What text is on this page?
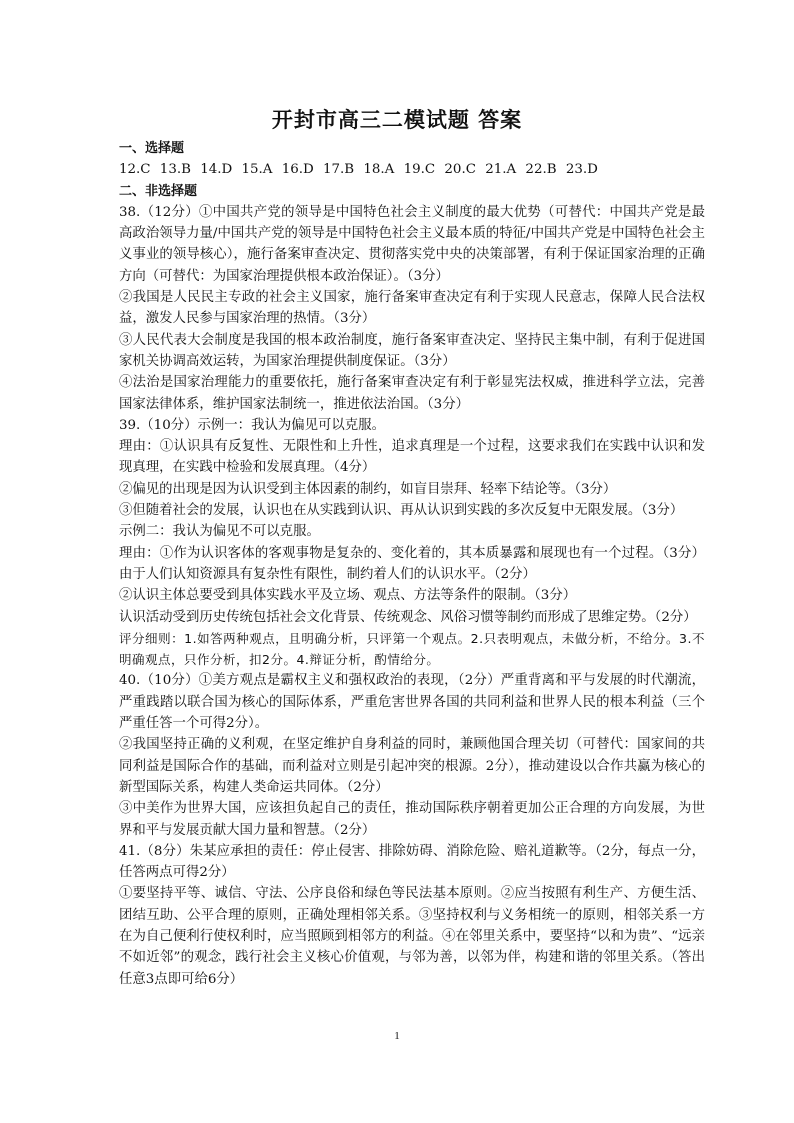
开封市高三二模试题 答案

一、选择题

12.C 13.B 14.D 15.A 16.D 17.B 18.A 19.C 20.C 21.A 22.B 23.D

二、非选择题

38.（12分）①中国共产党的领导是中国特色社会主义制度的最大优势（可替代：中国共产党是最高政治领导力量/中国共产党的领导是中国特色社会主义最本质的特征/中国共产党是中国特色社会主义事业的领导核心），施行备案审查决定、贯彻落实党中央的决策部署，有利于保证国家治理的正确方向（可替代：为国家治理提供根本政治保证）。（3分）

②我国是人民民主专政的社会主义国家，施行备案审查决定有利于实现人民意志，保障人民合法权益，激发人民参与国家治理的热情。（3分）

③人民代表大会制度是我国的根本政治制度，施行备案审查决定、坚持民主集中制，有利于促进国家机关协调高效运转，为国家治理提供制度保证。（3分）

④法治是国家治理能力的重要依托，施行备案审查决定有利于彰显宪法权威，推进科学立法，完善国家法律体系，维护国家法制统一，推进依法治国。（3分）

39.（10分）示例一：我认为偏见可以克服。

理由：①认识具有反复性、无限性和上升性，追求真理是一个过程，这要求我们在实践中认识和发现真理，在实践中检验和发展真理。（4分）

②偏见的出现是因为认识受到主体因素的制约，如盲目崇拜、轻率下结论等。（3分）

③但随着社会的发展，认识也在从实践到认识、再从认识到实践的多次反复中无限发展。（3分）

示例二：我认为偏见不可以克服。

理由：①作为认识客体的客观事物是复杂的、变化着的，其本质暴露和展现也有一个过程。（3分） 由于人们认知资源具有复杂性有限性，制约着人们的认识水平。（2分）

②认识主体总要受到具体实践水平及立场、观点、方法等条件的限制。（3分）

认识活动受到历史传统包括社会文化背景、传统观念、风俗习惯等制约而形成了思维定势。（2分）

评分细则：1.如答两种观点，且明确分析，只评第一个观点。2.只表明观点，未做分析，不给分。3.不明确观点，只作分析，扣2分。4.辩证分析，酌情给分。

40.（10分）①美方观点是霸权主义和强权政治的表现，（2分）严重背离和平与发展的时代潮流，严重践踏以联合国为核心的国际体系，严重危害世界各国的共同利益和世界人民的根本利益（三个严重任答一个可得2分）。

②我国坚持正确的义利观，在坚定维护自身利益的同时，兼顾他国合理关切（可替代：国家间的共同利益是国际合作的基础，而利益对立则是引起冲突的根源。2分），推动建设以合作共赢为核心的新型国际关系，构建人类命运共同体。（2分）

③中美作为世界大国，应该担负起自己的责任，推动国际秩序朝着更加公正合理的方向发展，为世界和平与发展贡献大国力量和智慧。（2分）

41.（8分）朱某应承担的责任：停止侵害、排除妨碍、消除危险、赔礼道歉等。（2分，每点一分，任答两点可得2分）

①要坚持平等、诚信、守法、公序良俗和绿色等民法基本原则。②应当按照有利生产、方便生活、团结互助、公平合理的原则，正确处理相邻关系。③坚持权利与义务相统一的原则，相邻关系一方在为自己便利行使权利时，应当照顾到相邻方的利益。④在邻里关系中，要坚持“以和为贵”、“远亲不如近邻”的观念，践行社会主义核心价值观，与邻为善，以邻为伴，构建和谐的邻里关系。（答出任意3点即可给6分）

1
